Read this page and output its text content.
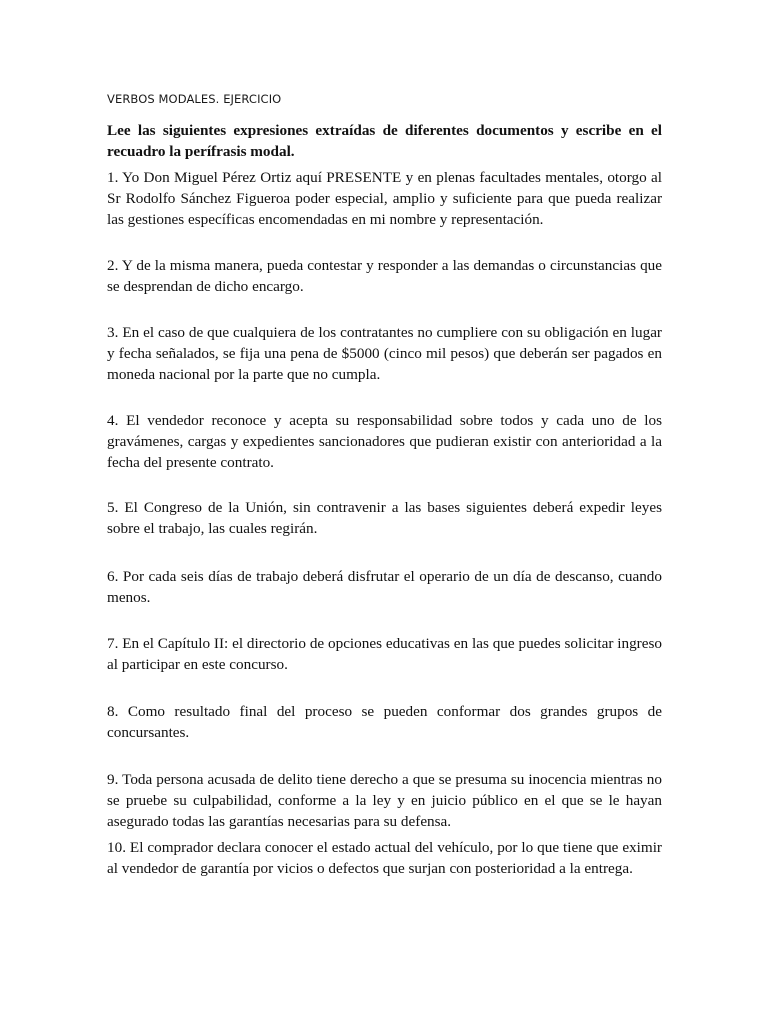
VERBOS MODALES. EJERCICIO
Lee las siguientes expresiones extraídas de diferentes documentos y escribe en el recuadro la perífrasis modal.
1. Yo Don Miguel Pérez Ortiz aquí PRESENTE y en plenas facultades mentales, otorgo al Sr Rodolfo Sánchez Figueroa poder especial, amplio y suficiente para que pueda realizar las gestiones específicas encomendadas en mi nombre y representación.
2. Y de la misma manera, pueda contestar y responder a las demandas o circunstancias que se desprendan de dicho encargo.
3. En el caso de que cualquiera de los contratantes no cumpliere con su obligación en lugar y fecha señalados, se fija una pena de $5000 (cinco mil pesos) que deberán ser pagados en moneda nacional por la parte que no cumpla.
4. El vendedor reconoce y acepta su responsabilidad sobre todos y cada uno de los gravámenes, cargas y expedientes sancionadores que pudieran existir con anterioridad a la fecha del presente contrato.
5. El Congreso de la Unión, sin contravenir a las bases siguientes deberá expedir leyes sobre el trabajo, las cuales regirán.
6. Por cada seis días de trabajo deberá disfrutar el operario de un día de descanso, cuando menos.
7. En el Capítulo II: el directorio de opciones educativas en las que puedes solicitar ingreso al participar en este concurso.
8. Como resultado final del proceso se pueden conformar dos grandes grupos de concursantes.
9. Toda persona acusada de delito tiene derecho a que se presuma su inocencia mientras no se pruebe su culpabilidad, conforme a la ley y en juicio público en el que se le hayan asegurado todas las garantías necesarias para su defensa.
10. El comprador declara conocer el estado actual del vehículo, por lo que tiene que eximir al vendedor de garantía por vicios o defectos que surjan con posterioridad a la entrega.
